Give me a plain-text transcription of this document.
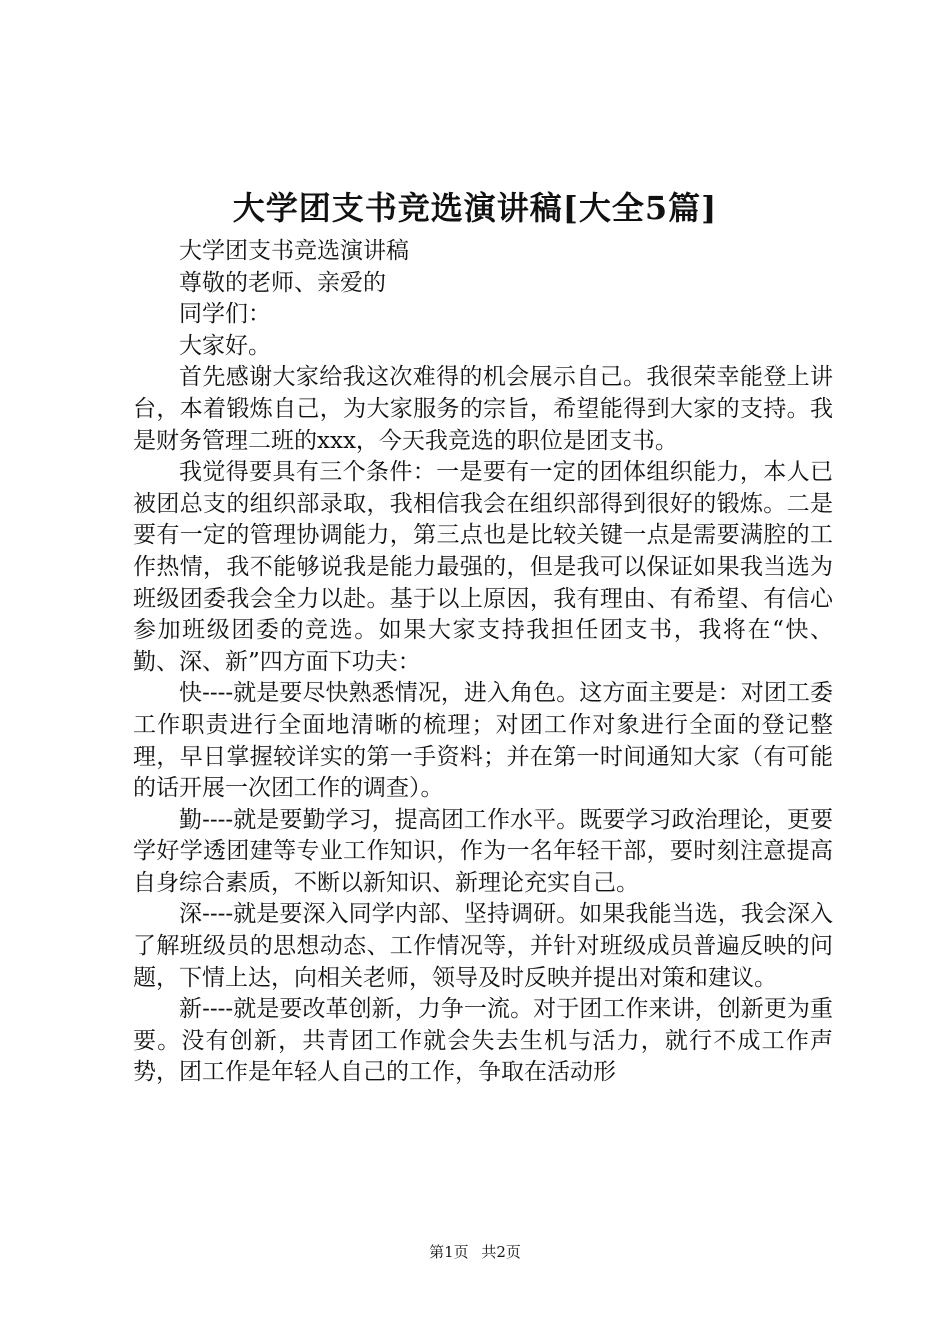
大学团支书竞选演讲稿[大全5篇]

大学团支书竞选演讲稿

尊敬的老师、亲爱的

同学们：

大家好。

首先感谢大家给我这次难得的机会展示自己。我很荣幸能登上讲台，本着锻炼自己，为大家服务的宗旨，希望能得到大家的支持。我是财务管理二班的xxx，今天我竞选的职位是团支书。

我觉得要具有三个条件：一是要有一定的团体组织能力，本人已被团总支的组织部录取，我相信我会在组织部得到很好的锻炼。二是要有一定的管理协调能力，第三点也是比较关键一点是需要满腔的工作热情，我不能够说我是能力最强的，但是我可以保证如果我当选为班级团委我会全力以赴。基于以上原因，我有理由、有希望、有信心参加班级团委的竞选。如果大家支持我担任团支书，我将在“快、勤、深、新”四方面下功夫：

快----就是要尽快熟悉情况，进入角色。这方面主要是：对团工委工作职责进行全面地清晰的梳理；对团工作对象进行全面的登记整理，早日掌握较详实的第一手资料；并在第一时间通知大家（有可能的话开展一次团工作的调查）。

勤----就是要勤学习，提高团工作水平。既要学习政治理论，更要学好学透团建等专业工作知识，作为一名年轻干部，要时刻注意提高自身综合素质，不断以新知识、新理论充实自己。

深----就是要深入同学内部、坚持调研。如果我能当选，我会深入了解班级员的思想动态、工作情况等，并针对班级成员普遍反映的问题，下情上达，向相关老师，领导及时反映并提出对策和建议。

新----就是要改革创新，力争一流。对于团工作来讲，创新更为重要。没有创新，共青团工作就会失去生机与活力，就行不成工作声势，团工作是年轻人自己的工作，争取在活动形

第1页 共2页
